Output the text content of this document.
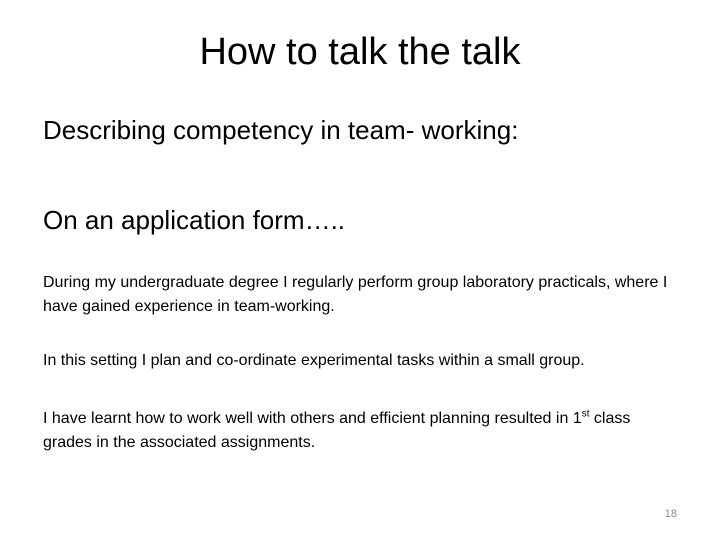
How to talk the talk

Describing competency in team- working:

On an application form…..

During my undergraduate degree I regularly perform group laboratory practicals, where I have gained experience in team-working.

In this setting I plan and co-ordinate experimental tasks within a small group.

I have learnt how to work well with others and efficient planning resulted in 1st class grades in the associated assignments.

18
